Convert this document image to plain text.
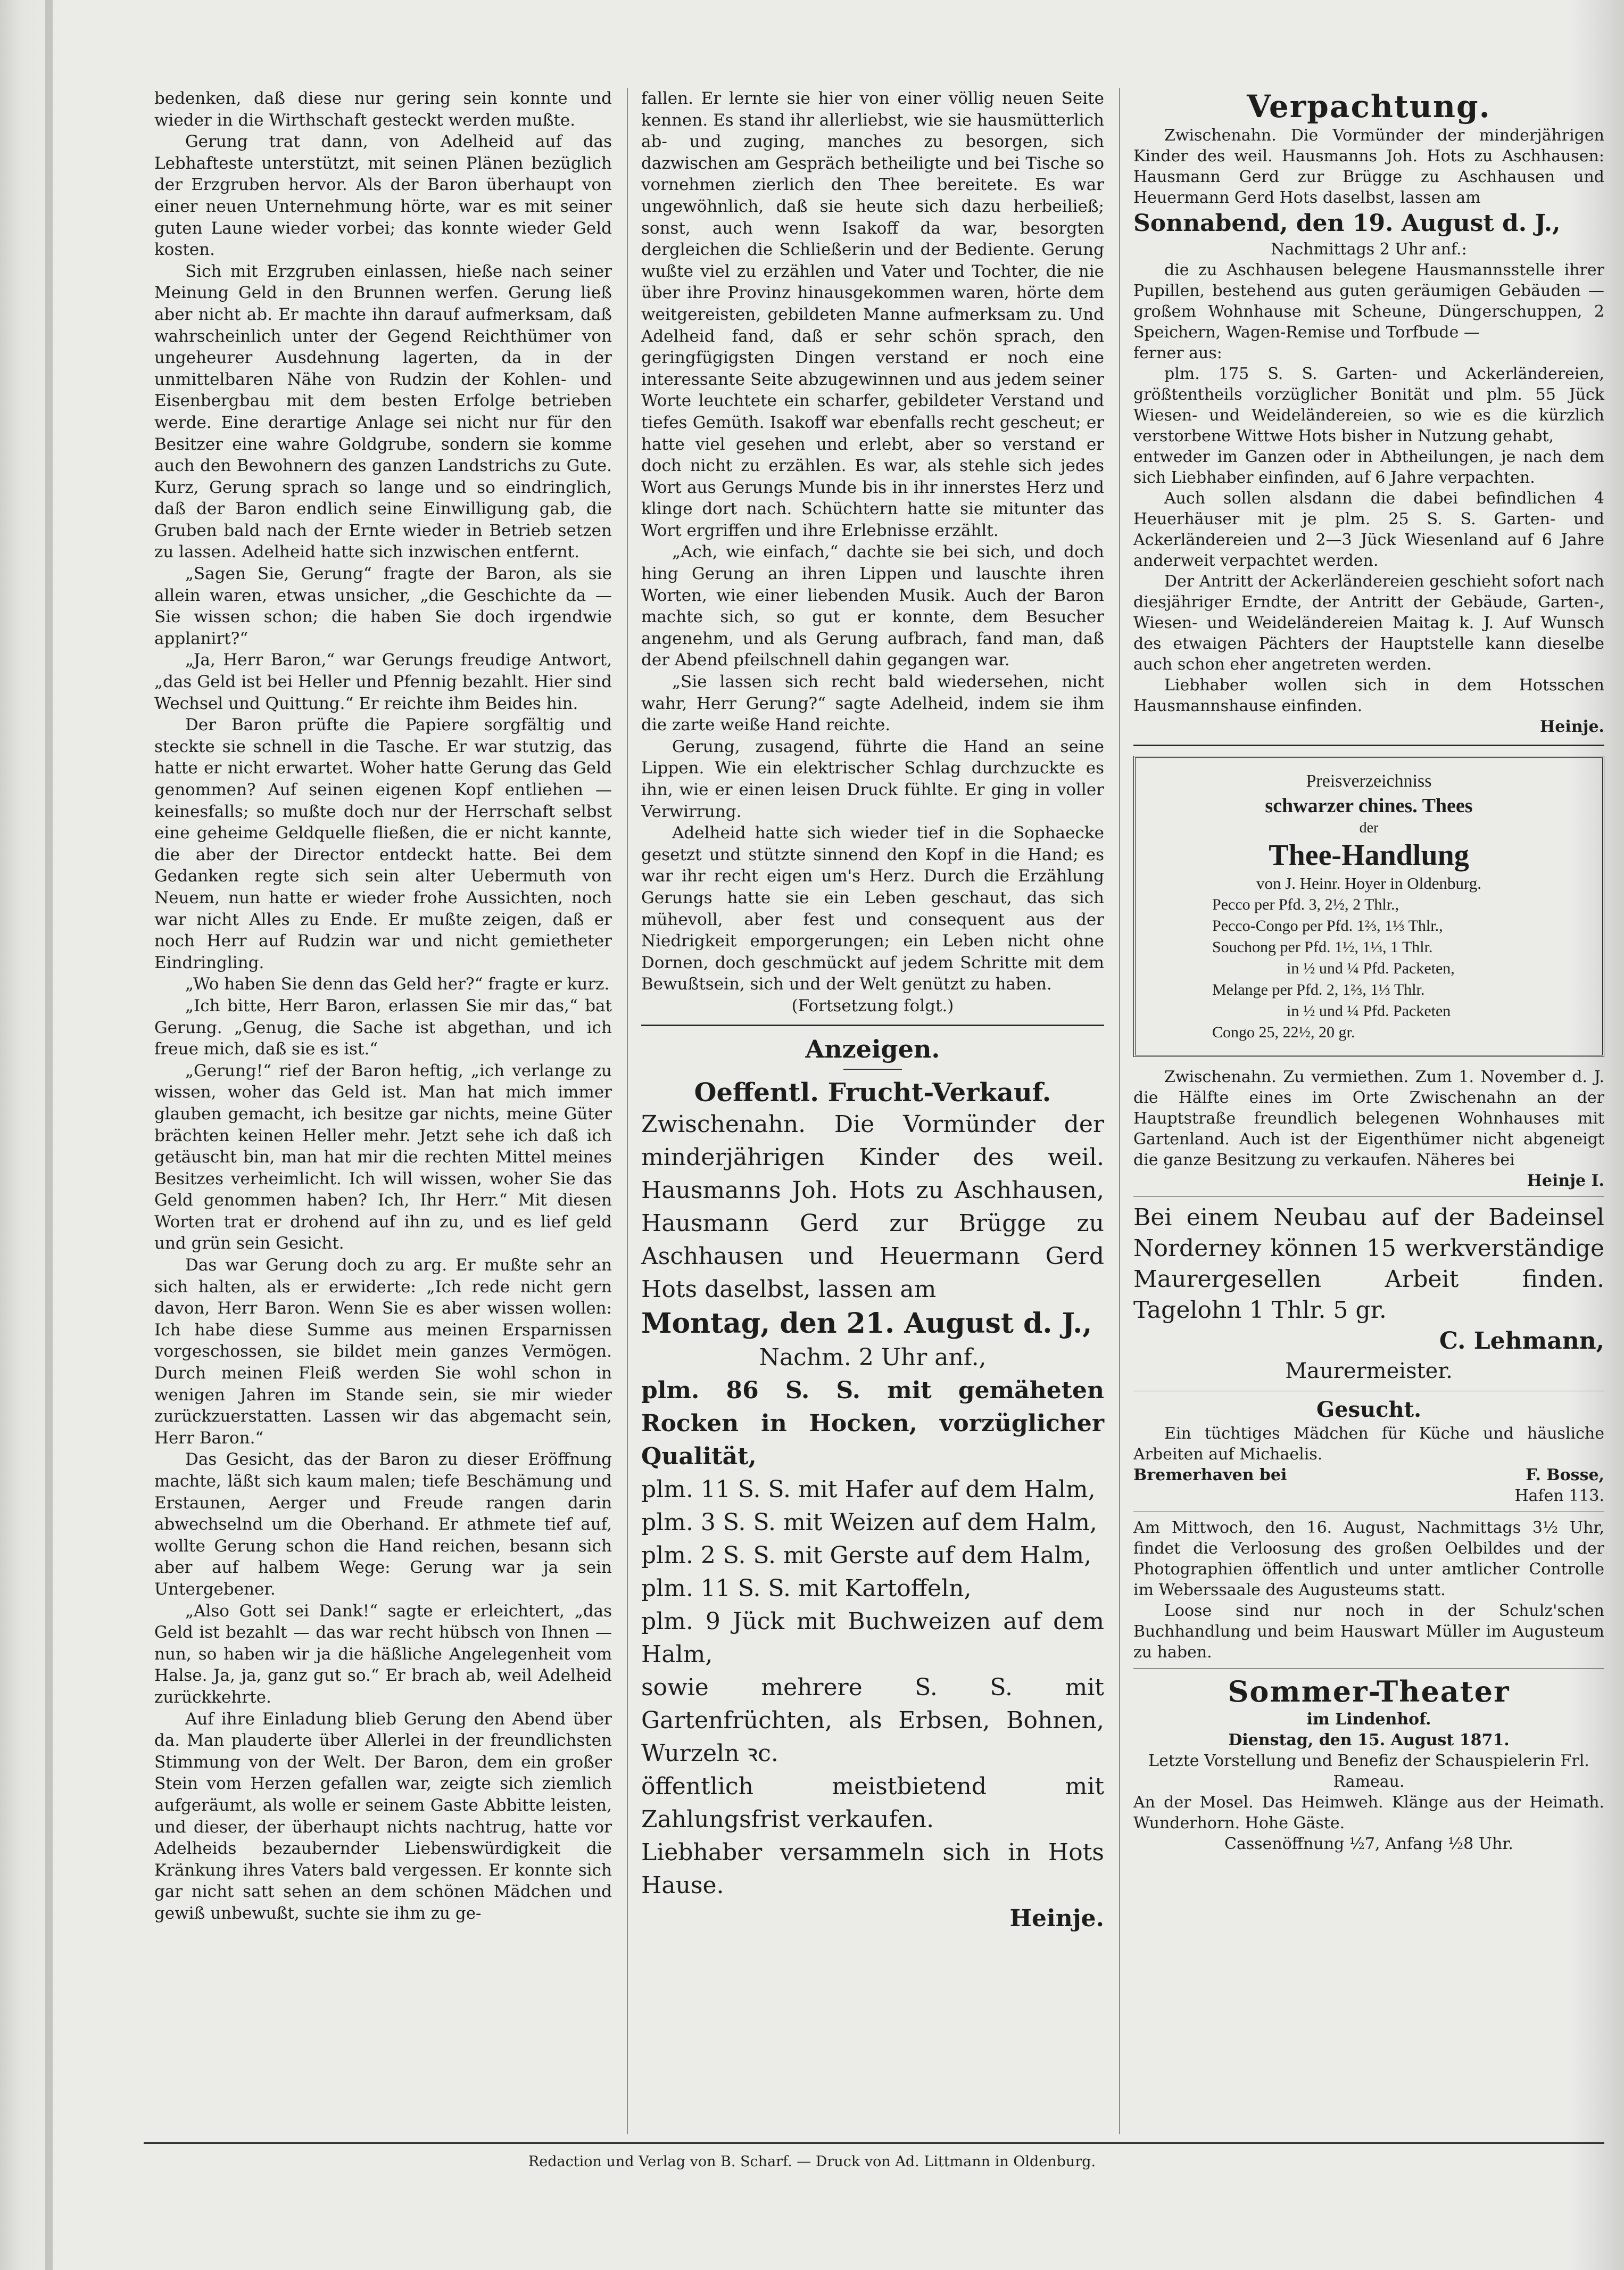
bedenken, daß diese nur gering sein konnte und wieder in die Wirthschaft gesteckt werden mußte.

Gerung trat dann, von Adelheid auf das Lebhafteste unterstützt, mit seinen Plänen bezüglich der Erzgruben hervor. Als der Baron überhaupt von einer neuen Unternehmung hörte, war es mit seiner guten Laune wieder vorbei; das konnte wieder Geld kosten.

Sich mit Erzgruben einlassen, hieße nach seiner Meinung Geld in den Brunnen werfen. Gerung ließ aber nicht ab. Er machte ihn darauf aufmerksam, daß wahrscheinlich unter der Gegend Reichthümer von ungeheurer Ausdehnung lagerten, da in der unmittelbaren Nähe von Rudzin der Kohlen- und Eisenbergbau mit dem besten Erfolge betrieben werde. Eine derartige Anlage sei nicht nur für den Besitzer eine wahre Goldgrube, sondern sie komme auch den Bewohnern des ganzen Landstrichs zu Gute. Kurz, Gerung sprach so lange und so eindringlich, daß der Baron endlich seine Einwilligung gab, die Gruben bald nach der Ernte wieder in Betrieb setzen zu lassen. Adelheid hatte sich inzwischen entfernt.

„Sagen Sie, Gerung“ fragte der Baron, als sie allein waren, etwas unsicher, „die Geschichte da — Sie wissen schon; die haben Sie doch irgendwie applanirt?“

„Ja, Herr Baron,“ war Gerungs freudige Antwort, „das Geld ist bei Heller und Pfennig bezahlt. Hier sind Wechsel und Quittung.“ Er reichte ihm Beides hin.

Der Baron prüfte die Papiere sorgfältig und steckte sie schnell in die Tasche. Er war stutzig, das hatte er nicht erwartet. Woher hatte Gerung das Geld genommen? Auf seinen eigenen Kopf entliehen — keinesfalls; so mußte doch nur der Herrschaft selbst eine geheime Geldquelle fließen, die er nicht kannte, die aber der Director entdeckt hatte. Bei dem Gedanken regte sich sein alter Uebermuth von Neuem, nun hatte er wieder frohe Aussichten, noch war nicht Alles zu Ende. Er mußte zeigen, daß er noch Herr auf Rudzin war und nicht gemietheter Eindringling.

„Wo haben Sie denn das Geld her?“ fragte er kurz.

„Ich bitte, Herr Baron, erlassen Sie mir das,“ bat Gerung. „Genug, die Sache ist abgethan, und ich freue mich, daß sie es ist.“

„Gerung!“ rief der Baron heftig, „ich verlange zu wissen, woher das Geld ist. Man hat mich immer glauben gemacht, ich besitze gar nichts, meine Güter brächten keinen Heller mehr. Jetzt sehe ich daß ich getäuscht bin, man hat mir die rechten Mittel meines Besitzes verheimlicht. Ich will wissen, woher Sie das Geld genommen haben? Ich, Ihr Herr.“ Mit diesen Worten trat er drohend auf ihn zu, und es lief geld und grün sein Gesicht.

Das war Gerung doch zu arg. Er mußte sehr an sich halten, als er erwiderte: „Ich rede nicht gern davon, Herr Baron. Wenn Sie es aber wissen wollen: Ich habe diese Summe aus meinen Ersparnissen vorgeschossen, sie bildet mein ganzes Vermögen. Durch meinen Fleiß werden Sie wohl schon in wenigen Jahren im Stande sein, sie mir wieder zurückzuerstatten. Lassen wir das abgemacht sein, Herr Baron.“

Das Gesicht, das der Baron zu dieser Eröffnung machte, läßt sich kaum malen; tiefe Beschämung und Erstaunen, Aerger und Freude rangen darin abwechselnd um die Oberhand. Er athmete tief auf, wollte Gerung schon die Hand reichen, besann sich aber auf halbem Wege: Gerung war ja sein Untergebener.

„Also Gott sei Dank!“ sagte er erleichtert, „das Geld ist bezahlt — das war recht hübsch von Ihnen — nun, so haben wir ja die häßliche Angelegenheit vom Halse. Ja, ja, ganz gut so.“ Er brach ab, weil Adelheid zurückkehrte.

Auf ihre Einladung blieb Gerung den Abend über da. Man plauderte über Allerlei in der freundlichsten Stimmung von der Welt. Der Baron, dem ein großer Stein vom Herzen gefallen war, zeigte sich ziemlich aufgeräumt, als wolle er seinem Gaste Abbitte leisten, und dieser, der überhaupt nichts nachtrug, hatte vor Adelheids bezaubernder Liebenswürdigkeit die Kränkung ihres Vaters bald vergessen. Er konnte sich gar nicht satt sehen an dem schönen Mädchen und gewiß unbewußt, suchte sie ihm zu ge-

fallen. Er lernte sie hier von einer völlig neuen Seite kennen. Es stand ihr allerliebst, wie sie hausmütterlich ab- und zuging, manches zu besorgen, sich dazwischen am Gespräch betheiligte und bei Tische so vornehmen zierlich den Thee bereitete. Es war ungewöhnlich, daß sie heute sich dazu herbeiließ; sonst, auch wenn Isakoff da war, besorgten dergleichen die Schließerin und der Bediente. Gerung wußte viel zu erzählen und Vater und Tochter, die nie über ihre Provinz hinausgekommen waren, hörte dem weitgereisten, gebildeten Manne aufmerksam zu. Und Adelheid fand, daß er sehr schön sprach, den geringfügigsten Dingen verstand er noch eine interessante Seite abzugewinnen und aus jedem seiner Worte leuchtete ein scharfer, gebildeter Verstand und tiefes Gemüth. Isakoff war ebenfalls recht gescheut; er hatte viel gesehen und erlebt, aber so verstand er doch nicht zu erzählen. Es war, als stehle sich jedes Wort aus Gerungs Munde bis in ihr innerstes Herz und klinge dort nach. Schüchtern hatte sie mitunter das Wort ergriffen und ihre Erlebnisse erzählt.

„Ach, wie einfach,“ dachte sie bei sich, und doch hing Gerung an ihren Lippen und lauschte ihren Worten, wie einer liebenden Musik. Auch der Baron machte sich, so gut er konnte, dem Besucher angenehm, und als Gerung aufbrach, fand man, daß der Abend pfeilschnell dahin gegangen war.

„Sie lassen sich recht bald wiedersehen, nicht wahr, Herr Gerung?“ sagte Adelheid, indem sie ihm die zarte weiße Hand reichte.

Gerung, zusagend, führte die Hand an seine Lippen. Wie ein elektrischer Schlag durchzuckte es ihn, wie er einen leisen Druck fühlte. Er ging in voller Verwirrung.

Adelheid hatte sich wieder tief in die Sophaecke gesetzt und stützte sinnend den Kopf in die Hand; es war ihr recht eigen um's Herz. Durch die Erzählung Gerungs hatte sie ein Leben geschaut, das sich mühevoll, aber fest und consequent aus der Niedrigkeit emporgerungen; ein Leben nicht ohne Dornen, doch geschmückt auf jedem Schritte mit dem Bewußtsein, sich und der Welt genützt zu haben.

(Fortsetzung folgt.)

Anzeigen.
Oeffentl. Frucht-Verkauf.

Zwischenahn. Die Vormünder der minderjährigen Kinder des weil. Hausmanns Joh. Hots zu Aschhausen, Hausmann Gerd zur Brügge zu Aschhausen und Heuermann Gerd Hots daselbst, lassen am

Montag, den 21. August d. J.,

Nachm. 2 Uhr anf.,

plm. 86 S. S. mit gemäheten Rocken in Hocken, vorzüglicher Qualität,

plm. 11 S. S. mit Hafer auf dem Halm,

plm. 3 S. S. mit Weizen auf dem Halm,

plm. 2 S. S. mit Gerste auf dem Halm,

plm. 11 S. S. mit Kartoffeln,

plm. 9 Jück mit Buchweizen auf dem Halm,

sowie mehrere S. S. mit Gartenfrüchten, als Erbsen, Bohnen, Wurzeln ꝛc.

öffentlich meistbietend mit Zahlungsfrist verkaufen.

Liebhaber versammeln sich in Hots Hause.

Heinje.

Verpachtung.

Zwischenahn. Die Vormünder der minderjährigen Kinder des weil. Hausmanns Joh. Hots zu Aschhausen: Hausmann Gerd zur Brügge zu Aschhausen und Heuermann Gerd Hots daselbst, lassen am

Sonnabend, den 19. August d. J.,

Nachmittags 2 Uhr anf.:

die zu Aschhausen belegene Hausmannsstelle ihrer Pupillen, bestehend aus guten geräumigen Gebäuden — großem Wohnhause mit Scheune, Düngerschuppen, 2 Speichern, Wagen-Remise und Torfbude —

ferner aus:

plm. 175 S. S. Garten- und Ackerländereien, größtentheils vorzüglicher Bonität und plm. 55 Jück Wiesen- und Weideländereien, so wie es die kürzlich verstorbene Wittwe Hots bisher in Nutzung gehabt,

entweder im Ganzen oder in Abtheilungen, je nach dem sich Liebhaber einfinden, auf 6 Jahre verpachten.

Auch sollen alsdann die dabei befindlichen 4 Heuerhäuser mit je plm. 25 S. S. Garten- und Ackerländereien und 2—3 Jück Wiesenland auf 6 Jahre anderweit verpachtet werden.

Der Antritt der Ackerländereien geschieht sofort nach diesjähriger Erndte, der Antritt der Gebäude, Garten-, Wiesen- und Weideländereien Maitag k. J. Auf Wunsch des etwaigen Pächters der Hauptstelle kann dieselbe auch schon eher angetreten werden.

Liebhaber wollen sich in dem Hotsschen Hausmannshause einfinden.

Heinje.

Preisverzeichniss
schwarzer chines. Thees
der
Thee-Handlung
von J. Heinr. Hoyer in Oldenburg.
Pecco per Pfd. 3, 2½, 2 Thlr.,
Pecco-Congo per Pfd. 1⅔, 1⅓ Thlr.,
Souchong per Pfd. 1½, 1⅓, 1 Thlr.
in ½ und ¼ Pfd. Packeten,
Melange per Pfd. 2, 1⅔, 1⅓ Thlr.
in ½ und ¼ Pfd. Packeten
Congo 25, 22½, 20 gr.

Zwischenahn. Zu vermiethen. Zum 1. November d. J. die Hälfte eines im Orte Zwischenahn an der Hauptstraße freundlich belegenen Wohnhauses mit Gartenland. Auch ist der Eigenthümer nicht abgeneigt die ganze Besitzung zu verkaufen. Näheres bei

Heinje I.

Bei einem Neubau auf der Badeinsel Norderney können 15 werkverständige Maurergesellen Arbeit finden. Tagelohn 1 Thlr. 5 gr.

C. Lehmann,

Maurermeister.

Gesucht.

Ein tüchtiges Mädchen für Küche und häusliche Arbeiten auf Michaelis.

Bremerhaven bei	F. Bosse,

Hafen 113.

Am Mittwoch, den 16. August, Nachmittags 3½ Uhr, findet die Verloosung des großen Oelbildes und der Photographien öffentlich und unter amtlicher Controlle im Weberssaale des Augusteums statt.

Loose sind nur noch in der Schulz'schen Buchhandlung und beim Hauswart Müller im Augusteum zu haben.

Sommer-Theater

im Lindenhof.

Dienstag, den 15. August 1871.

Letzte Vorstellung und Benefiz der Schauspielerin Frl. Rameau.

An der Mosel. Das Heimweh. Klänge aus der Heimath. Wunderhorn. Hohe Gäste.

Cassenöffnung ½7, Anfang ½8 Uhr.

Redaction und Verlag von B. Scharf. — Druck von Ad. Littmann in Oldenburg.
